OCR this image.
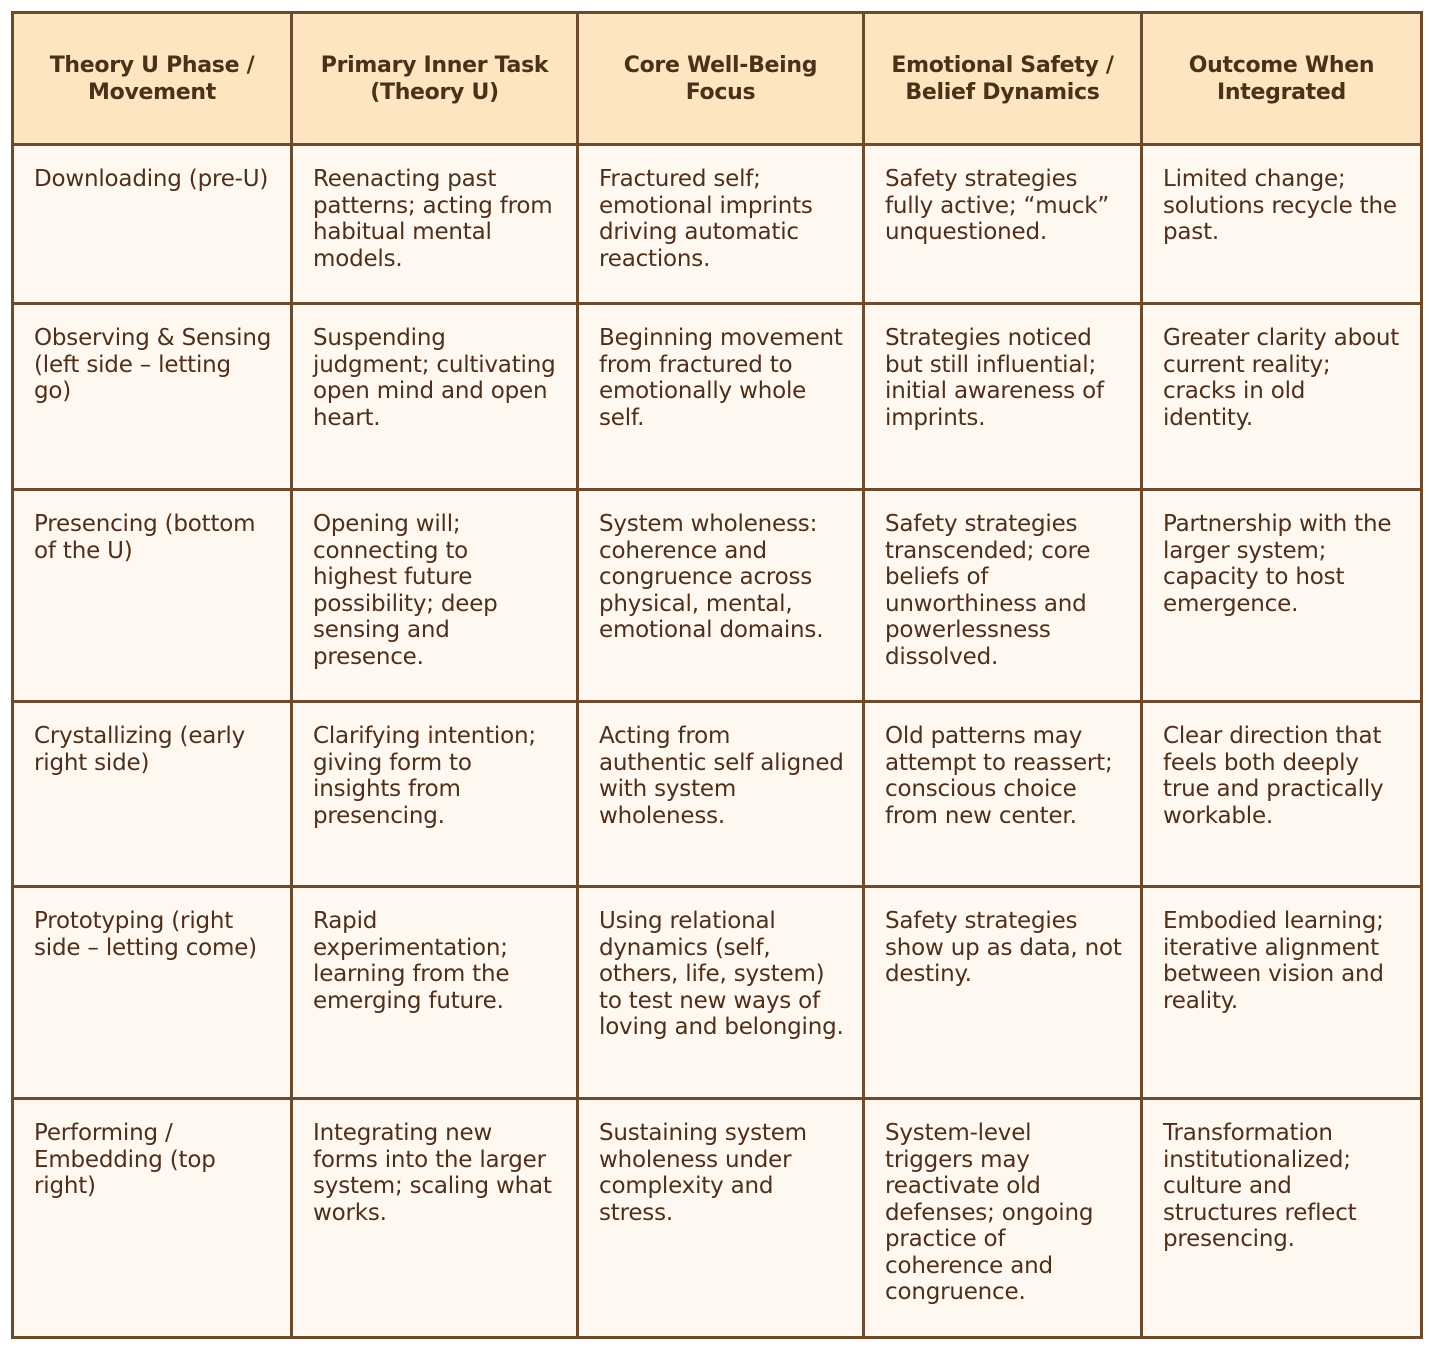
Theory U Phase / Movement	Primary Inner Task (Theory U)	Core Well-Being Focus	Emotional Safety / Belief Dynamics	Outcome When Integrated
Downloading (pre-U)	Reenacting past patterns; acting from habitual mental models.	Fractured self; emotional imprints driving automatic reactions.	Safety strategies fully active; “muck” unquestioned.	Limited change; solutions recycle the past.
Observing & Sensing (left side – letting go)	Suspending judgment; cultivating open mind and open heart.	Beginning movement from fractured to emotionally whole self.	Strategies noticed but still influential; initial awareness of imprints.	Greater clarity about current reality; cracks in old identity.
Presencing (bottom of the U)	Opening will; connecting to highest future possibility; deep sensing and presence.	System wholeness: coherence and congruence across physical, mental, emotional domains.	Safety strategies transcended; core beliefs of unworthiness and powerlessness dissolved.	Partnership with the larger system; capacity to host emergence.
Crystallizing (early right side)	Clarifying intention; giving form to insights from presencing.	Acting from authentic self aligned with system wholeness.	Old patterns may attempt to reassert; conscious choice from new center.	Clear direction that feels both deeply true and practically workable.
Prototyping (right side – letting come)	Rapid experimentation; learning from the emerging future.	Using relational dynamics (self, others, life, system) to test new ways of loving and belonging.	Safety strategies show up as data, not destiny.	Embodied learning; iterative alignment between vision and reality.
Performing / Embedding (top right)	Integrating new forms into the larger system; scaling what works.	Sustaining system wholeness under complexity and stress.	System-level triggers may reactivate old defenses; ongoing practice of coherence and congruence.	Transformation institutionalized; culture and structures reflect presencing.
